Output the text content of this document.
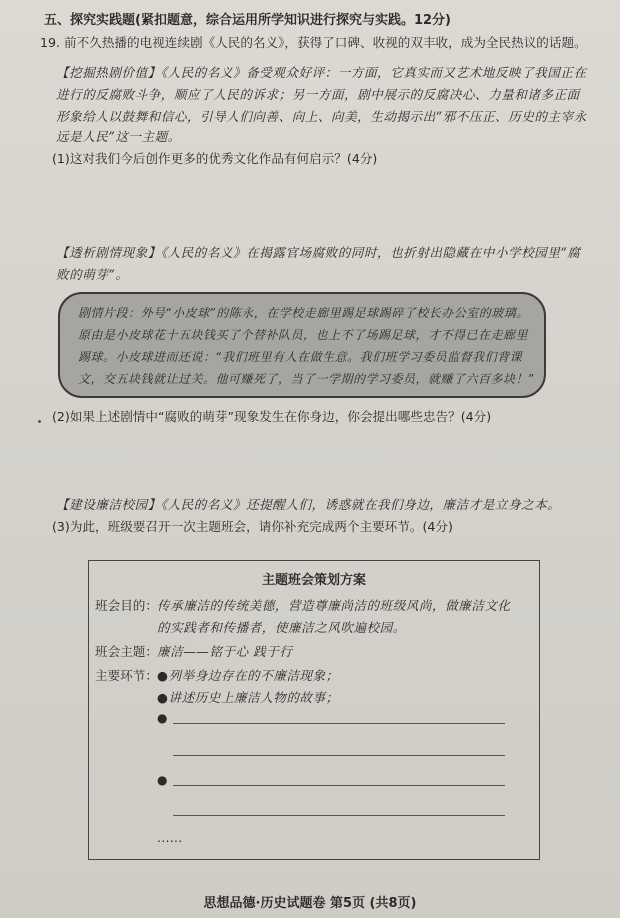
五、探究实践题(紧扣题意，综合运用所学知识进行探究与实践。12分)
19. 前不久热播的电视连续剧《人民的名义》，获得了口碑、收视的双丰收，成为全民热议的话题。
【挖掘热剧价值】《人民的名义》备受观众好评：一方面，它真实而又艺术地反映了我国正在
进行的反腐败斗争，顺应了人民的诉求；另一方面，剧中展示的反腐决心、力量和诸多正面
形象给人以鼓舞和信心，引导人们向善、向上、向美，生动揭示出“邪不压正、历史的主宰永
远是人民”这一主题。
(1)这对我们今后创作更多的优秀文化作品有何启示？(4分)
【透析剧情现象】《人民的名义》在揭露官场腐败的同时，也折射出隐藏在中小学校园里“腐
败的萌芽”。
剧情片段：外号“小皮球”的陈永，在学校走廊里踢足球踢碎了校长办公室的玻璃。
原由是小皮球花十五块钱买了个替补队员，也上不了场踢足球，才不得已在走廊里
踢球。小皮球进而还说：“我们班里有人在做生意。我们班学习委员监督我们背课
文，交五块钱就让过关。他可赚死了，当了一学期的学习委员，就赚了六百多块！”
(2)如果上述剧情中“腐败的萌芽”现象发生在你身边，你会提出哪些忠告？(4分)
【建设廉洁校园】《人民的名义》还提醒人们，诱惑就在我们身边，廉洁才是立身之本。
(3)为此，班级要召开一次主题班会，请你补充完成两个主要环节。(4分)
主题班会策划方案
班会目的： 传承廉洁的传统美德，营造尊廉尚洁的班级风尚，做廉洁文化
的实践者和传播者，使廉洁之风吹遍校园。
班会主题： 廉洁——铭于心 践于行
主要环节： ●列举身边存在的不廉洁现象；
●讲述历史上廉洁人物的故事；
●
●
……
思想品德·历史试题卷 第5页 (共8页)
